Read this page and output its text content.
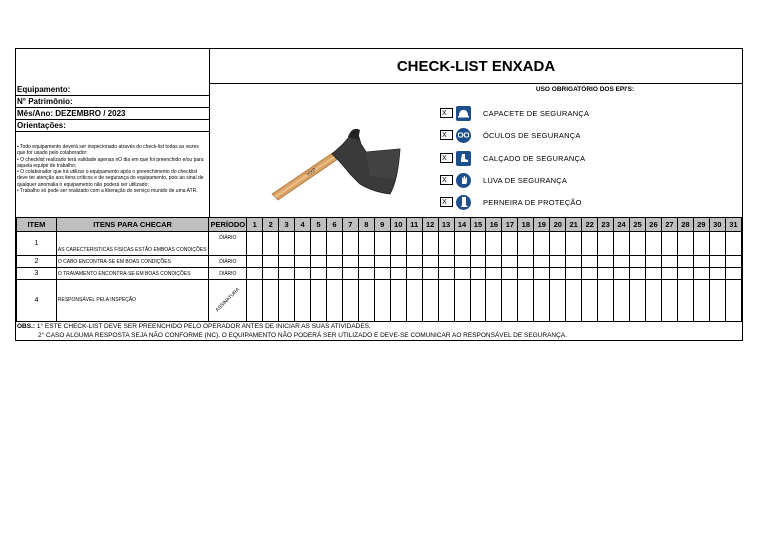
CHECK-LIST ENXADA
Equipamento:
N° Patrimônio:
Mês/Ano: DEZEMBRO / 2023
Orientações:
• Todo equipamento deverá ser inspecionado através do check-list todas as vezes que for usado pelo colaborador:
• O checklist realizado terá validade apenas nO dia em que foi preenchido e/ou para aquela equipe de trabalho;
• O colaborador que irá utilizar o equipamento após o preenchimento do checklist deve ter atenção aos itens críticos e de segurança do equipamento, pois ao sinal de qualquer anomalia o equipamento não poderá ser utilizado;
• Trabalho só pode ser realizado com a liberação do serviço munido de uma ATR.
HXP
USO OBRIGATÓRIO DOS EPI'S:
X	CAPACETE DE SEGURANÇA
X	ÓCULOS DE SEGURANÇA
X	CALÇADO DE SEGURANÇA
X	LUVA DE SEGURANÇA
X	PERNEIRA DE PROTEÇÃO
ITEM	ITENS PARA CHECAR	PERÍODO	1	2	3	4	5	6	7	8	9	10	11	12	13	14	15	16	17	18	19	20	21	22	23	24	25	26	27	28	29	30	31
1	AS CARECTERISTICAS FÍSICAS ESTÃO EMBOAS CONDIÇÕES	DIÁRIO																															
2	O CABO ENCONTRA-SE EM BOAS CONDIÇÕES	DIÁRIO																															
3	O TRAVAMENTO ENCONTRA-SE EM BOAS CONDIÇÕES	DIÁRIO																															
4	RESPONSÁVEL PELA INSPEÇÃO	ASSINATURA																															
OBS.: 1° ESTE CHECK-LIST DEVE SER PREENCHIDO PELO OPERADOR ANTES DE INICIAR AS SUAS ATIVIDADES.
2° CASO ALGUMA RESPOSTA SEJA NÃO CONFORME (NC), O EQUIPAMENTO NÃO PODERÁ SER UTILIZADO E DEVE-SE COMUNICAR AO RESPONSÁVEL DE SEGURANÇA.
